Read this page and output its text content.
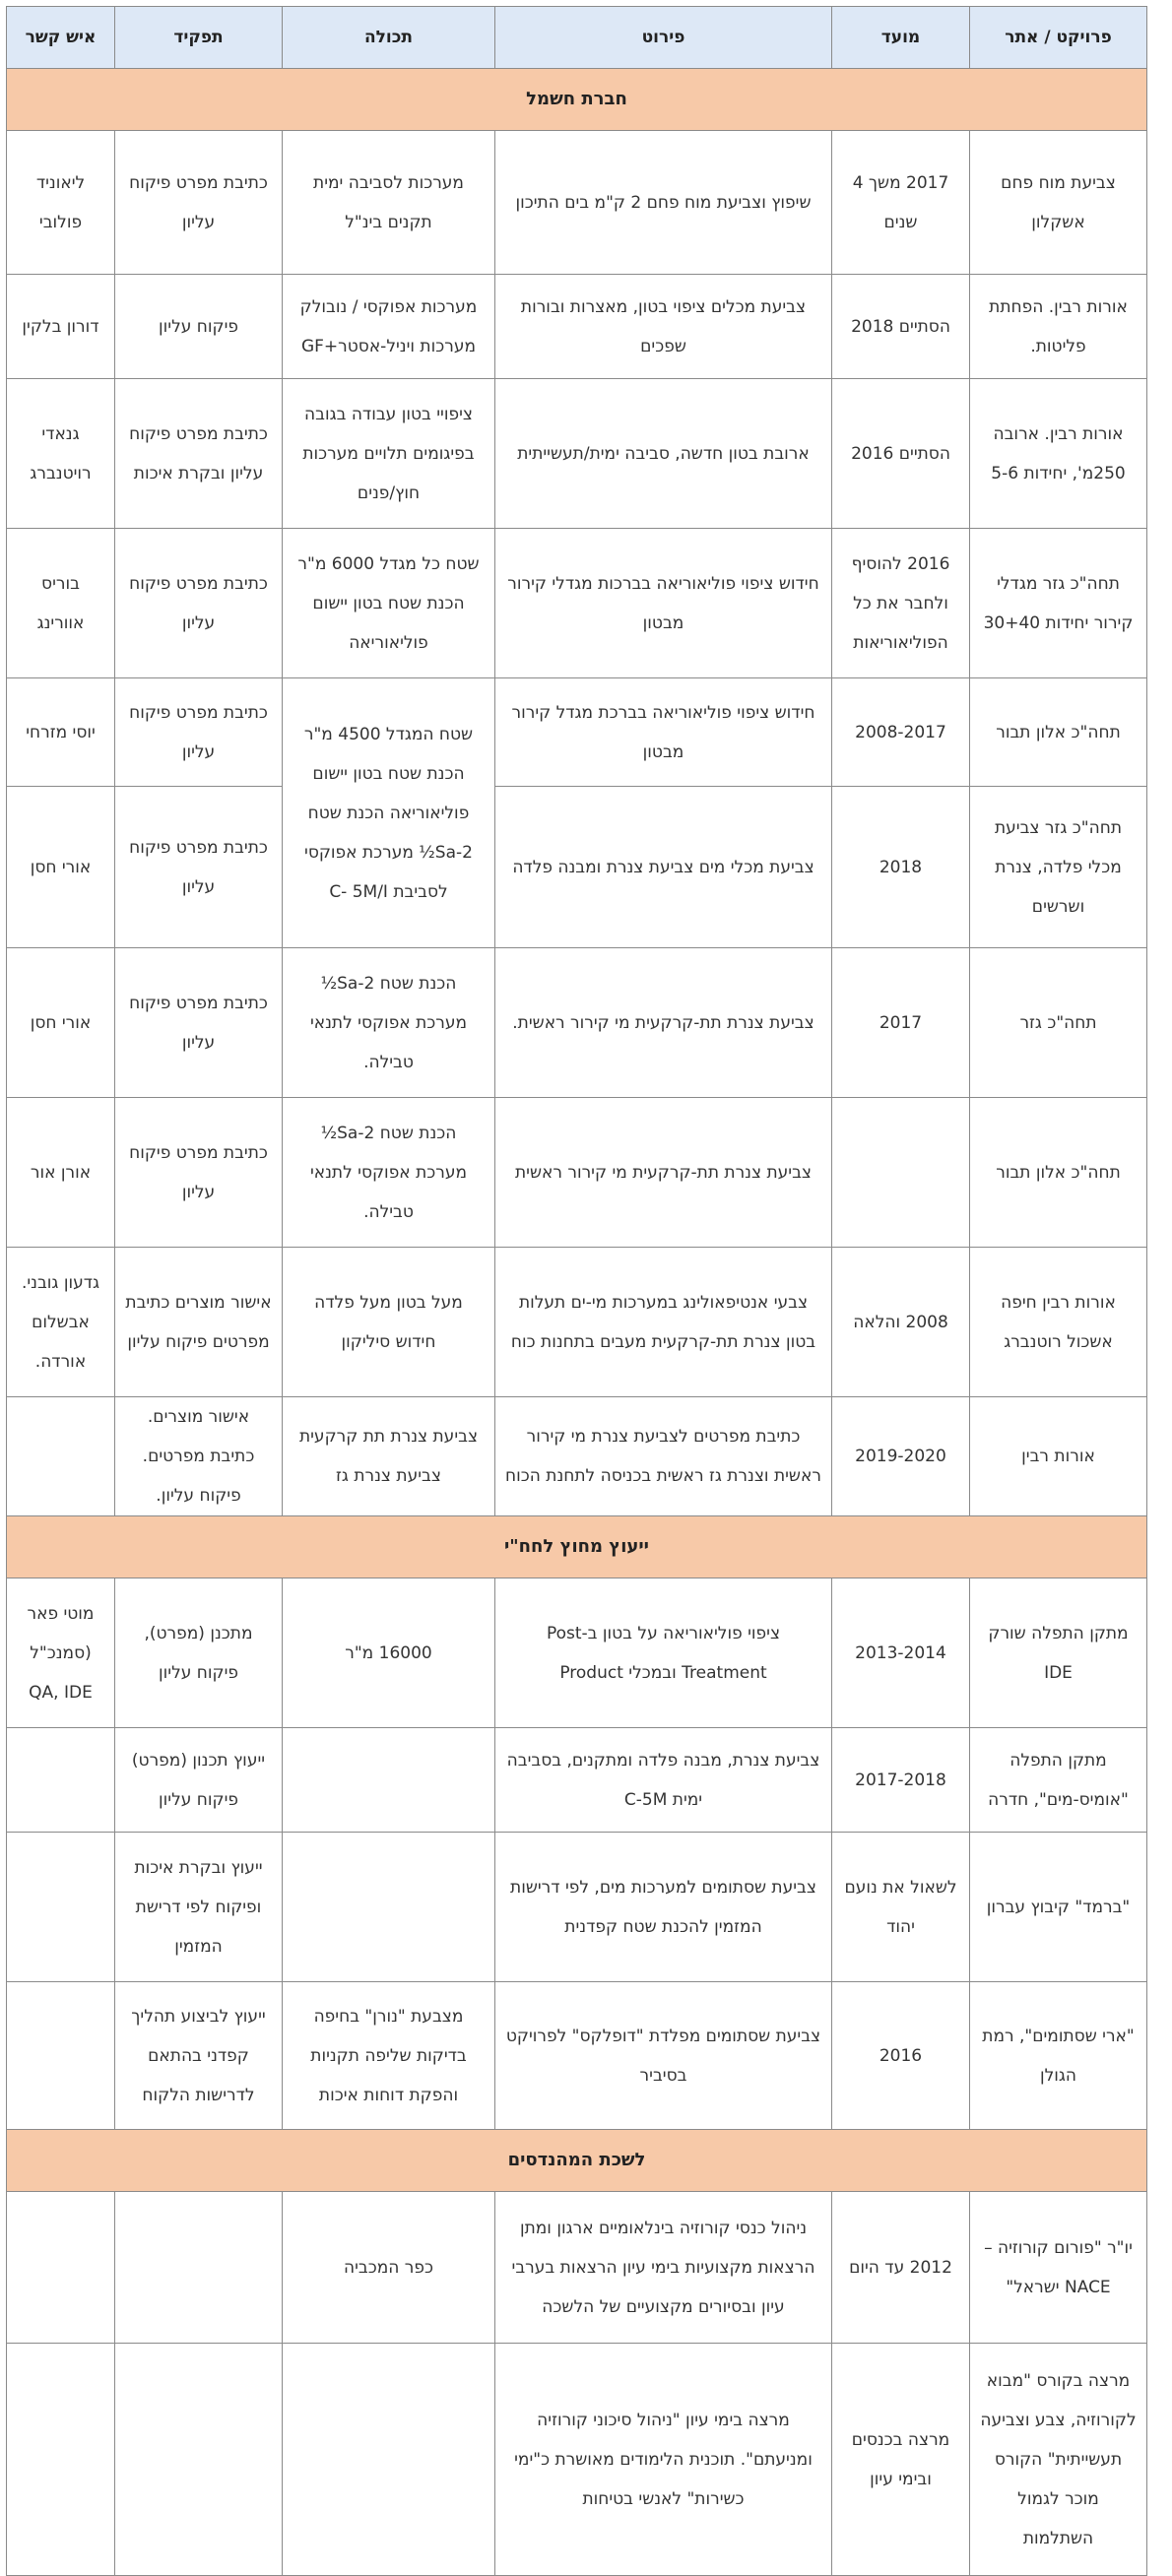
פרויקט / אתר	מועד	פירוט	תכולה	תפקיד	איש קשר
חברת חשמל					
צביעת מוח פחם אשקלון	2017 משך 4 שנים	שיפוץ וצביעת מוח פחם 2 ק"מ בים התיכון	מערכות לסביבה ימית תקנים בינ"ל	כתיבת מפרט פיקוח עליון	ליאוניד פולובי
אורות רבין. הפחתת פליטות.	הסתיים 2018	צביעת מכלים ציפוי בטון, מאצרות ובורות שפכים	מערכות אפוקסי / נובולק מערכות ויניל-אסטר+GF	פיקוח עליון	דורון בלקין
אורות רבין. ארובה 250מ', יחידות 5-6	הסתיים 2016	ארובת בטון חדשה, סביבה ימית/תעשייתית	ציפויי בטון עבודה בגובה בפיגומים תלויים מערכות חוץ/פנים	כתיבת מפרט פיקוח עליון ובקרת איכות	גנאדי רויטנברג
תחה"כ גזר מגדלי קירור יחידות 30+40	2016 להוסיף ולחבר את כל הפוליאוריאות	חידוש ציפוי פוליאוריאה בברכות מגדלי קירור מבטון	שטח כל מגדל 6000 מ"ר הכנת שטח בטון יישום פוליאוריאה	כתיבת מפרט פיקוח עליון	בוריס אוורינג
תחה"כ אלון תבור	2008-2017	חידוש ציפוי פוליאוריאה בברכת מגדל קירור מבטון	שטח המגדל 4500 מ"ר הכנת שטח בטון יישום פוליאוריאה הכנת שטח Sa-2½ מערכת אפוקסי לסביבת C- 5M/I	כתיבת מפרט פיקוח עליון	יוסי מזרחי
תחה"כ גזר צביעת מכלי פלדה, צנרת ושרשים	2018	צביעת מכלי מים צביעת צנרת ומבנה פלדה		כתיבת מפרט פיקוח עליון	אורי חסן
תחה"כ גזר	2017	צביעת צנרת תת-קרקעית מי קירור ראשית.	הכנת שטח Sa-2½ מערכת אפוקסי לתנאי טבילה.	כתיבת מפרט פיקוח עליון	אורי חסן
תחה"כ אלון תבור		צביעת צנרת תת-קרקעית מי קירור ראשית	הכנת שטח Sa-2½ מערכת אפוקסי לתנאי טבילה.	כתיבת מפרט פיקוח עליון	אורן אור
אורות רבין חיפה אשכול רוטנברג	2008 והלאה	צבעי אנטיפאולינג במערכות מי-ים תעלות בטון צנרת תת-קרקעית מעבים בתחנות כוח	מעל בטון מעל פלדה חידוש סיליקון	אישור מוצרים כתיבת מפרטים פיקוח עליון	גדעון גובני. אבשלום אורדה.
אורות רבין	2019-2020	כתיבת מפרטים לצביעת צנרת מי קירור ראשית וצנרת גז ראשית בכניסה לתחנת הכוח	צביעת צנרת תת קרקעית צביעת צנרת גז	אישור מוצרים. כתיבת מפרטים. פיקוח עליון.	
ייעוץ מחוץ לחח"י					
מתקן התפלה שורק IDE	2013-2014	ציפוי פוליאוריאה על בטון ב-Post Treatment ובמכלי Product	16000 מ"ר	מתכנן (מפרט), פיקוח עליון	מוטי פאר (סמנכ"ל QA, IDE
מתקן התפלה "אומיס-מים", חדרה	2017-2018	צביעת צנרת, מבנה פלדה ומתקנים, בסביבה ימית C-5M		ייעוץ תכנון (מפרט) פיקוח עליון	
"ברמד" קיבוץ עברון	לשאול את נועם יהוד	צביעת שסתומים למערכות מים, לפי דרישות המזמין להכנת שטח קפדנית		ייעוץ ובקרת איכות ופיקוח לפי דרישת המזמין	
"ארי שסתומים", רמת הגולן	2016	צביעת שסתומים מפלדת "דופלקס" לפרויקט בסיביר	מצבעת "נורן" בחיפה בדיקות שליפה תקניות והפקת דוחות איכות	ייעוץ לביצוע תהליך קפדני בהתאם לדרישות הלקוח	
לשכת המהנדסים					
יו"ר "פורום קורוזיה – NACE ישראל"	2012 עד היום	ניהול כנסי קורוזיה בינלאומיים ארגון ומתן הרצאות מקצועיות בימי עיון הרצאות בערבי עיון ובסיורים מקצועיים של הלשכה	כפר המכביה		
מרצה בקורס "מבוא לקורוזיה, צבע וצביעה תעשייתית" הקורס מוכר לגמול השתלמות	מרצה בכנסים ובימי עיון	מרצה בימי עיון "ניהול סיכוני קורוזיה ומניעתם". תוכנית הלימודים מאושרת כ"ימי כשירות" לאנשי בטיחות			
